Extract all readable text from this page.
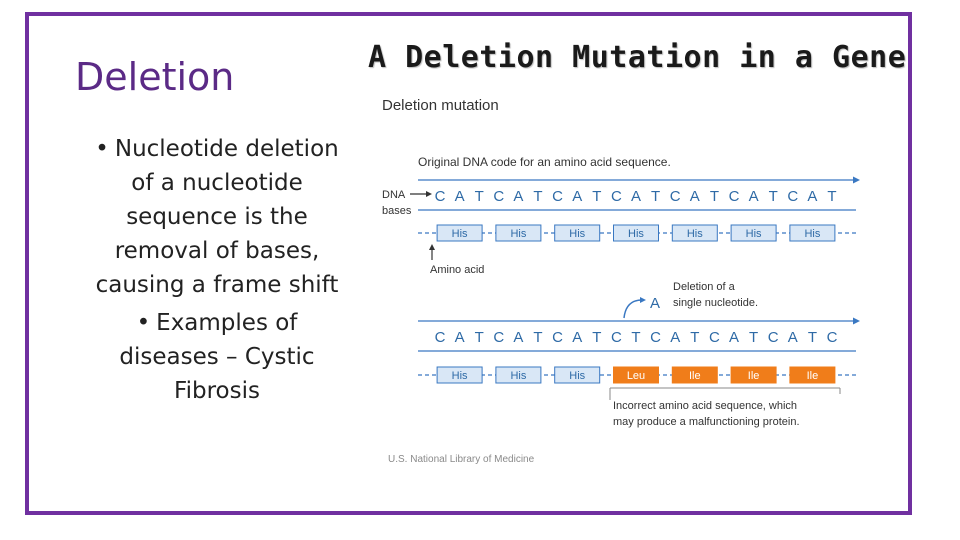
Deletion
• Nucleotide deletion of a nucleotide sequence is the removal of bases, causing a frame shift
• Examples of diseases – Cystic Fibrosis
A Deletion Mutation in a Gene
Deletion mutation
Original DNA code for an amino acid sequence.
DNA
bases
C A T C A T C A T C A T C A T C A T C A T
His	His	His	His	His	His	His
Amino acid
Deletion of a
single nucleotide.
A
C A T C A T C A T C T C A T C A T C A T C
His	His	His	Leu	Ile	Ile	Ile
Incorrect amino acid sequence, which
may produce a malfunctioning protein.
U.S. National Library of Medicine
